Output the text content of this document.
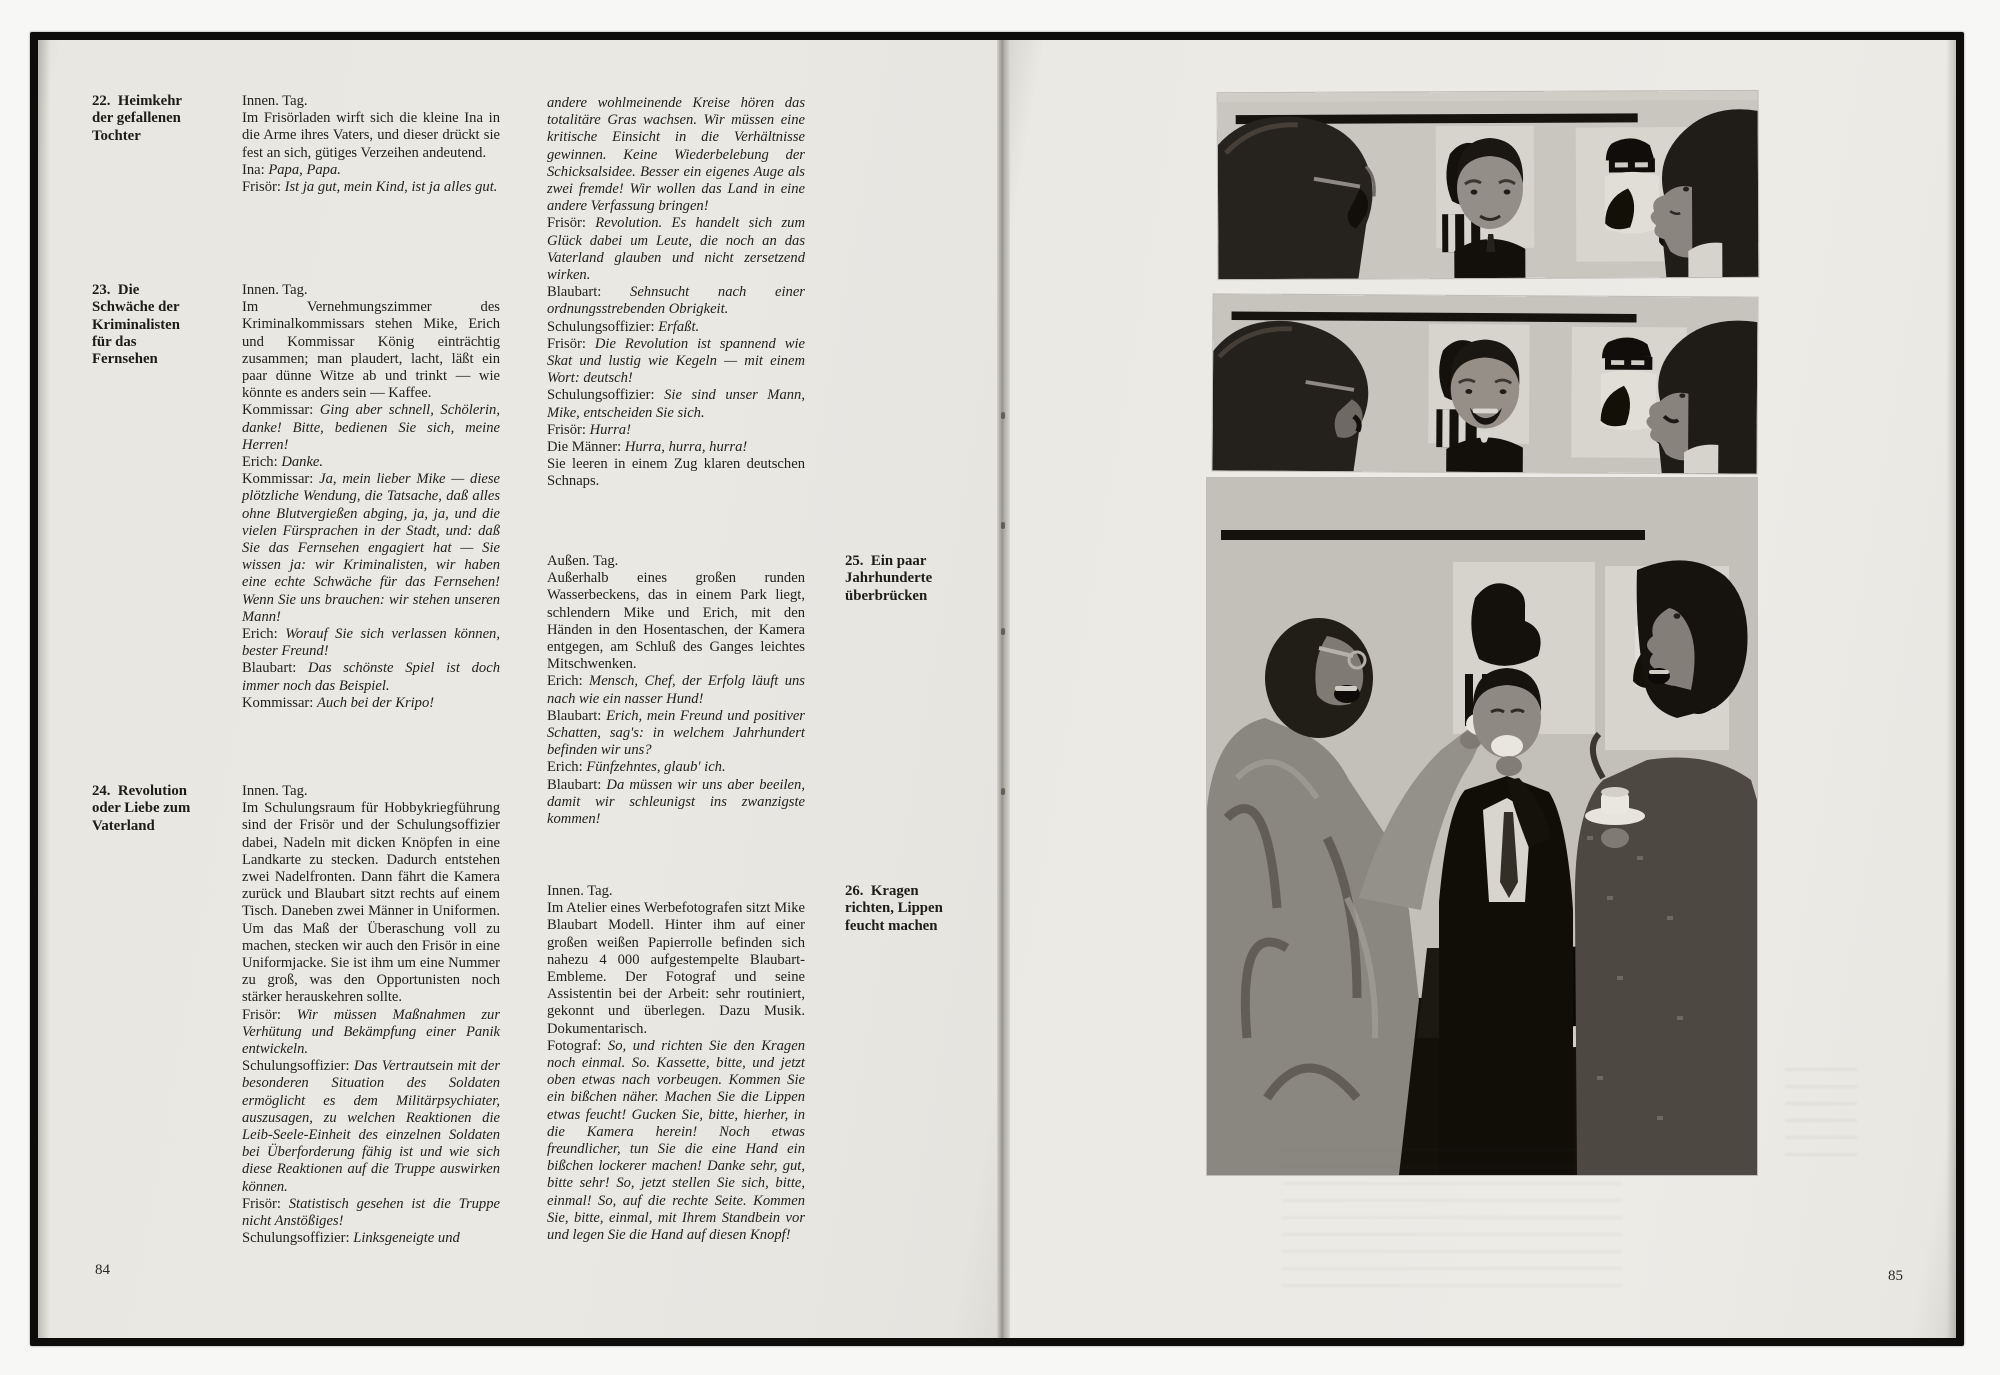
22.  Heimkehr
der gefallenen
Tochter
23.  Die
Schwäche der
Kriminalisten
für das
Fernsehen
24.  Revolution
oder Liebe zum
Vaterland

Innen. Tag.

Im Frisörladen wirft sich die kleine Ina in die Arme ihres Vaters, und dieser drückt sie fest an sich, gütiges Verzeihen andeutend.

Ina: Papa, Papa.

Frisör: Ist ja gut, mein Kind, ist ja alles gut.

Innen. Tag.

Im Vernehmungszimmer des Kriminalkommissars stehen Mike, Erich und Kommissar König einträchtig zusammen; man plaudert, lacht, läßt ein paar dünne Witze ab und trinkt — wie könnte es anders sein — Kaffee.

Kommissar: Ging aber schnell, Schölerin, danke! Bitte, bedienen Sie sich, meine Herren!

Erich: Danke.

Kommissar: Ja, mein lieber Mike — diese plötzliche Wendung, die Tatsache, daß alles ohne Blutvergießen abging, ja, ja, und die vielen Fürsprachen in der Stadt, und: daß Sie das Fernsehen engagiert hat — Sie wissen ja: wir Kriminalisten, wir haben eine echte Schwäche für das Fernsehen! Wenn Sie uns brauchen: wir stehen unseren Mann!

Erich: Worauf Sie sich verlassen können, bester Freund!

Blaubart: Das schönste Spiel ist doch immer noch das Beispiel.

Kommissar: Auch bei der Kripo!

Innen. Tag.

Im Schulungsraum für Hobbykriegführung sind der Frisör und der Schulungsoffizier dabei, Nadeln mit dicken Knöpfen in eine Landkarte zu stecken. Dadurch entstehen zwei Nadelfronten. Dann fährt die Kamera zurück und Blaubart sitzt rechts auf einem Tisch. Daneben zwei Männer in Uniformen. Um das Maß der Überaschung voll zu machen, stecken wir auch den Frisör in eine Uniformjacke. Sie ist ihm um eine Nummer zu groß, was den Opportunisten noch stärker herauskehren sollte.

Frisör: Wir müssen Maßnahmen zur Verhütung und Bekämpfung einer Panik entwickeln.

Schulungsoffizier: Das Vertrautsein mit der besonderen Situation des Soldaten ermöglicht es dem Militärpsychiater, auszusagen, zu welchen Reaktionen die Leib-Seele-Einheit des einzelnen Soldaten bei Überforderung fähig ist und wie sich diese Reaktionen auf die Truppe auswirken können.

Frisör: Statistisch gesehen ist die Truppe nicht Anstößiges!

Schulungsoffizier: Linksgeneigte und

andere wohlmeinende Kreise hören das totalitäre Gras wachsen. Wir müssen eine kritische Einsicht in die Verhältnisse gewinnen. Keine Wiederbelebung der Schicksalsidee. Besser ein eigenes Auge als zwei fremde! Wir wollen das Land in eine andere Verfassung bringen!

Frisör: Revolution. Es handelt sich zum Glück dabei um Leute, die noch an das Vaterland glauben und nicht zersetzend wirken.

Blaubart: Sehnsucht nach einer ordnungsstrebenden Obrigkeit.

Schulungsoffizier: Erfaßt.

Frisör: Die Revolution ist spannend wie Skat und lustig wie Kegeln — mit einem Wort: deutsch!

Schulungsoffizier: Sie sind unser Mann, Mike, entscheiden Sie sich.

Frisör: Hurra!

Die Männer: Hurra, hurra, hurra!

Sie leeren in einem Zug klaren deutschen Schnaps.

Außen. Tag.

Außerhalb eines großen runden Wasserbeckens, das in einem Park liegt, schlendern Mike und Erich, mit den Händen in den Hosentaschen, der Kamera entgegen, am Schluß des Ganges leichtes Mitschwenken.

Erich: Mensch, Chef, der Erfolg läuft uns nach wie ein nasser Hund!

Blaubart: Erich, mein Freund und positiver Schatten, sag's: in welchem Jahrhundert befinden wir uns?

Erich: Fünfzehntes, glaub' ich.

Blaubart: Da müssen wir uns aber beeilen, damit wir schleunigst ins zwanzigste kommen!

Innen. Tag.

Im Atelier eines Werbefotografen sitzt Mike Blaubart Modell. Hinter ihm auf einer großen weißen Papierrolle befinden sich nahezu 4 000 aufgestempelte Blaubart-Embleme. Der Fotograf und seine Assistentin bei der Arbeit: sehr routiniert, gekonnt und überlegen. Dazu Musik. Dokumentarisch.

Fotograf: So, und richten Sie den Kragen noch einmal. So. Kassette, bitte, und jetzt oben etwas nach vorbeugen. Kommen Sie ein bißchen näher. Machen Sie die Lippen etwas feucht! Gucken Sie, bitte, hierher, in die Kamera herein! Noch etwas freundlicher, tun Sie die eine Hand ein bißchen lockerer machen! Danke sehr, gut, bitte sehr! So, jetzt stellen Sie sich, bitte, einmal! So, auf die rechte Seite. Kommen Sie, bitte, einmal, mit Ihrem Standbein vor und legen Sie die Hand auf diesen Knopf!

25.  Ein paar
Jahrhunderte
überbrücken
26.  Kragen
richten, Lippen
feucht machen
84	85
